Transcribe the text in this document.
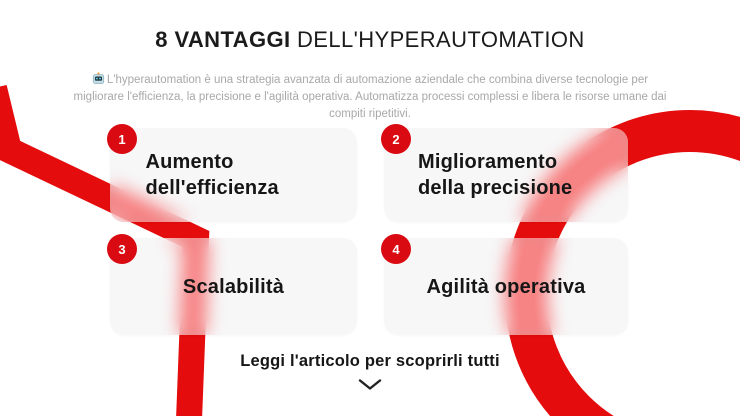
8 VANTAGGI DELL'HYPERAUTOMATION

L'hyperautomation è una strategia avanzata di automazione aziendale che combina diverse tecnologie per migliorare l'efficienza, la precisione e l'agilità operativa. Automatizza processi complessi e libera le risorse umane dai compiti ripetitivi.

1
Aumento dell'efficienza
2
Miglioramento della precisione
3
Scalabilità
4
Agilità operativa
Leggi l'articolo per scoprirli tutti
